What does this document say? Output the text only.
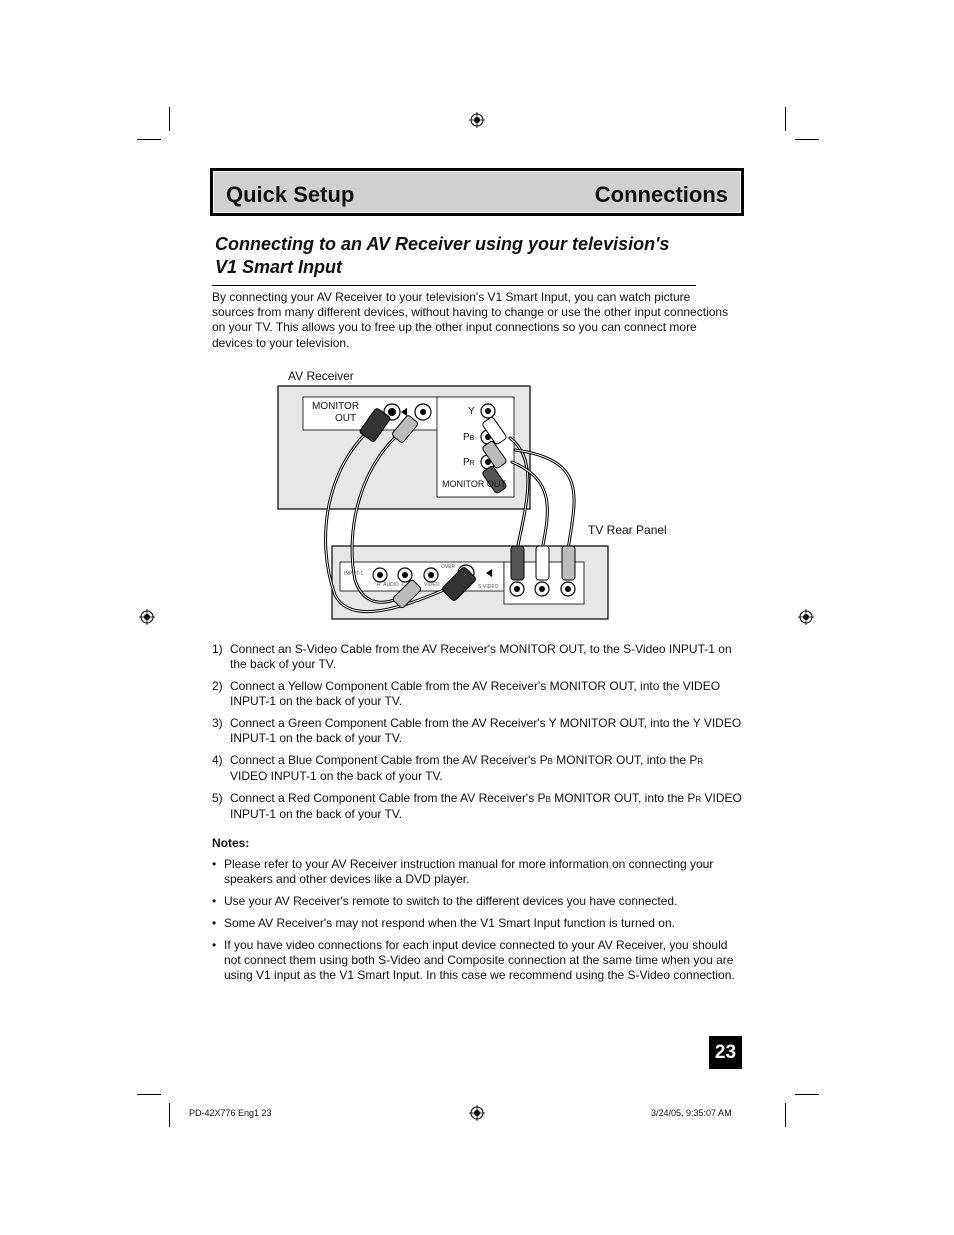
Quick Setup	Connections
Connecting to an AV Receiver using your television's
V1 Smart Input
By connecting your AV Receiver to your television's V1 Smart Input, you can watch picture sources from many different devices, without having to change or use the other input connections on your TV. This allows you to free up the other input connections so you can connect more devices to your television.
AV Receiver
TV Rear Panel
MONITOR
OUT
Y
PB
PR
MONITOR OUT
INPUT-1
R  AUDIO  L	VIDEO
OVER
S-VIDEO
1) Connect an S-Video Cable from the AV Receiver's MONITOR OUT, to the S-Video INPUT-1 on the back of your TV.
2) Connect a Yellow Component Cable from the AV Receiver's MONITOR OUT, into the VIDEO INPUT-1 on the back of your TV.
3) Connect a Green Component Cable from the AV Receiver's Y MONITOR OUT, into the Y VIDEO INPUT-1 on the back of your TV.
4) Connect a Blue Component Cable from the AV Receiver's PB MONITOR OUT, into the PR VIDEO INPUT-1 on the back of your TV.
5) Connect a Red Component Cable from the AV Receiver's PB MONITOR OUT, into the PR VIDEO INPUT-1 on the back of your TV.
Notes:
• Please refer to your AV Receiver instruction manual for more information on connecting your speakers and other devices like a DVD player.
• Use your AV Receiver's remote to switch to the different devices you have connected.
• Some AV Receiver's may not respond when the V1 Smart Input function is turned on.
• If you have video connections for each input device connected to your AV Receiver, you should not connect them using both S-Video and Composite connection at the same time when you are using V1 input as the V1 Smart Input. In this case we recommend using the S-Video connection.
23
PD-42X776 Eng1 23	3/24/05, 9:35:07 AM
